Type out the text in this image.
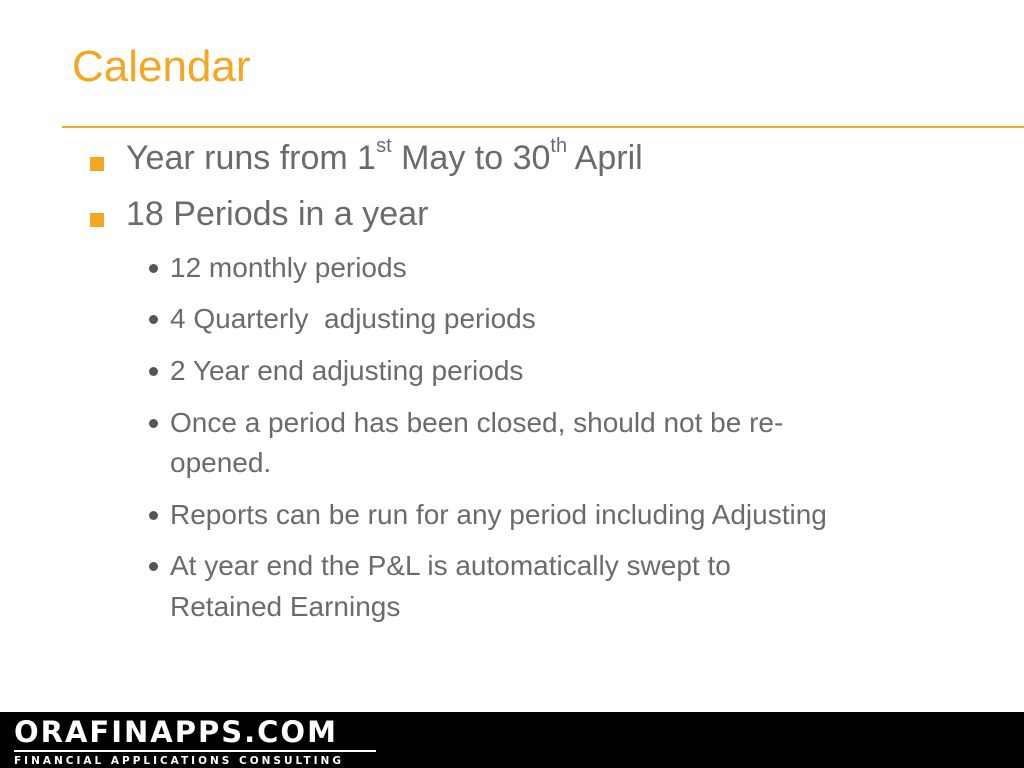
Calendar
Year runs from 1st May to 30th April
18 Periods in a year
12 monthly periods
4 Quarterly  adjusting periods
2 Year end adjusting periods
Once a period has been closed, should not be re-opened.
Reports can be run for any period including Adjusting
At year end the P&L is automatically swept to Retained Earnings
ORAFINAPPS.COM
FINANCIAL APPLICATIONS CONSULTING
